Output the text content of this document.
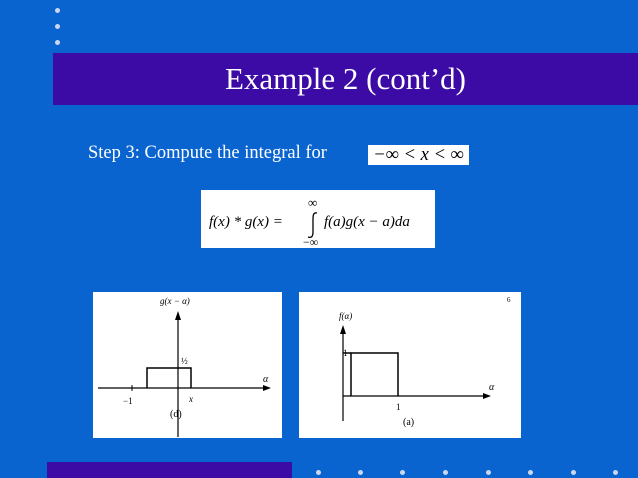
Example 2 (cont’d)
Step 3: Compute the integral for	−∞ < x < ∞
f(x) * g(x) =
∞
−∞
f(a)g(x − a)da
g(x − α)
½
α
−1	x
(d)
6
f(α)
1
α
1
(a)
